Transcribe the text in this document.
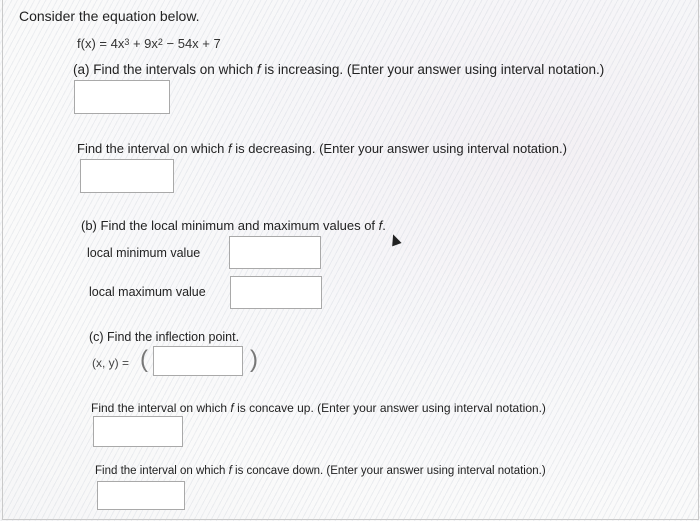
Consider the equation below.
$f(x) = 4x^3 + 9x^2 - 54x + 7$
(a) Find the intervals on which f is increasing. (Enter your answer using interval notation.)
Find the interval on which f is decreasing. (Enter your answer using interval notation.)
(b) Find the local minimum and maximum values of f.
local minimum value
local maximum value
(c) Find the inflection point.
(x, y) = (	)
Find the interval on which f is concave up. (Enter your answer using interval notation.)
Find the interval on which f is concave down. (Enter your answer using interval notation.)
